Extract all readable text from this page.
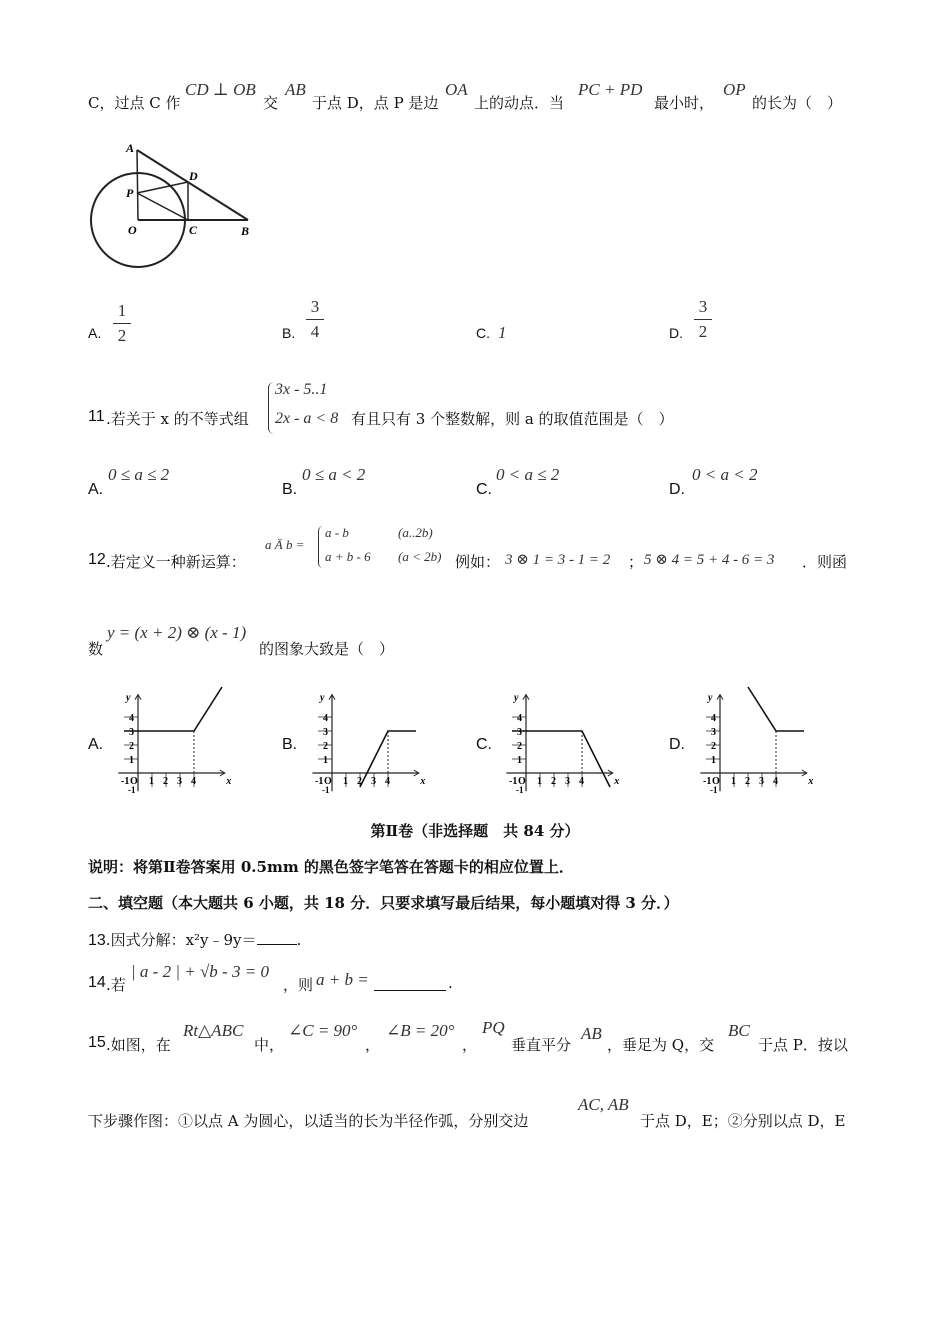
C，过点 C 作
CD ⊥ OB
交
AB
于点 D，点 P 是边
OA
上的动点．当
PC + PD
最小时，
OP
的长为（　）
A
D
P
O	C	B
A.
1
2	B.
3
4	C. 1	D.
3
2
11 .若关于 x 的不等式组
3x - 5..1
2x - a < 8 有且只有 3 个整数解，则 a 的取值范围是（　）
A.
0 ≤ a ≤ 2
B.
0 ≤ a < 2
C.
0 < a ≤ 2
D.
0 < a < 2
12 .若定义一种新运算：
a Ä b =
a - b	(a..2b)
a + b - 6 (a < 2b) 例如： 3 ⊗ 1 = 3 - 1 = 2 ； 5 ⊗ 4 = 5 + 4 - 6 = 3 ．则函
数
y = (x + 2) ⊗ (x - 1)
的图象大致是（　）
A.	B.	C.	D.
4
3
2
1
-1 O 1 2 3 4
-1
y
x
4
3
2
1
-1 O 1 2 3 4
-1
y
x
4
3
2
1
-1 O 1 2 3 4
-1
y
x
4
3
2
1
-1 O 1 2 3 4
-1
y
x
第Ⅱ卷（非选择题　共 84 分）
说明：将第Ⅱ卷答案用 0.5mm 的黑色签字笔答在答题卡的相应位置上．
二、填空题（本大题共 6 小题，共 18 分．只要求填写最后结果，每小题填对得 3 分．）
13.因式分解：x²y﹣9y＝	.
14 .若
| a - 2 | + √b - 3 = 0
，则 a + b =	.
15 .如图，在
Rt△ABC
中，
∠C = 90°
，
∠B = 20°
，
PQ
垂直平分
AB
，垂足为 Q，交
BC
于点 P．按以
下步骤作图：①以点 A 为圆心，以适当的长为半径作弧，分别交边
AC, AB
于点 D，E；②分别以点 D，E
